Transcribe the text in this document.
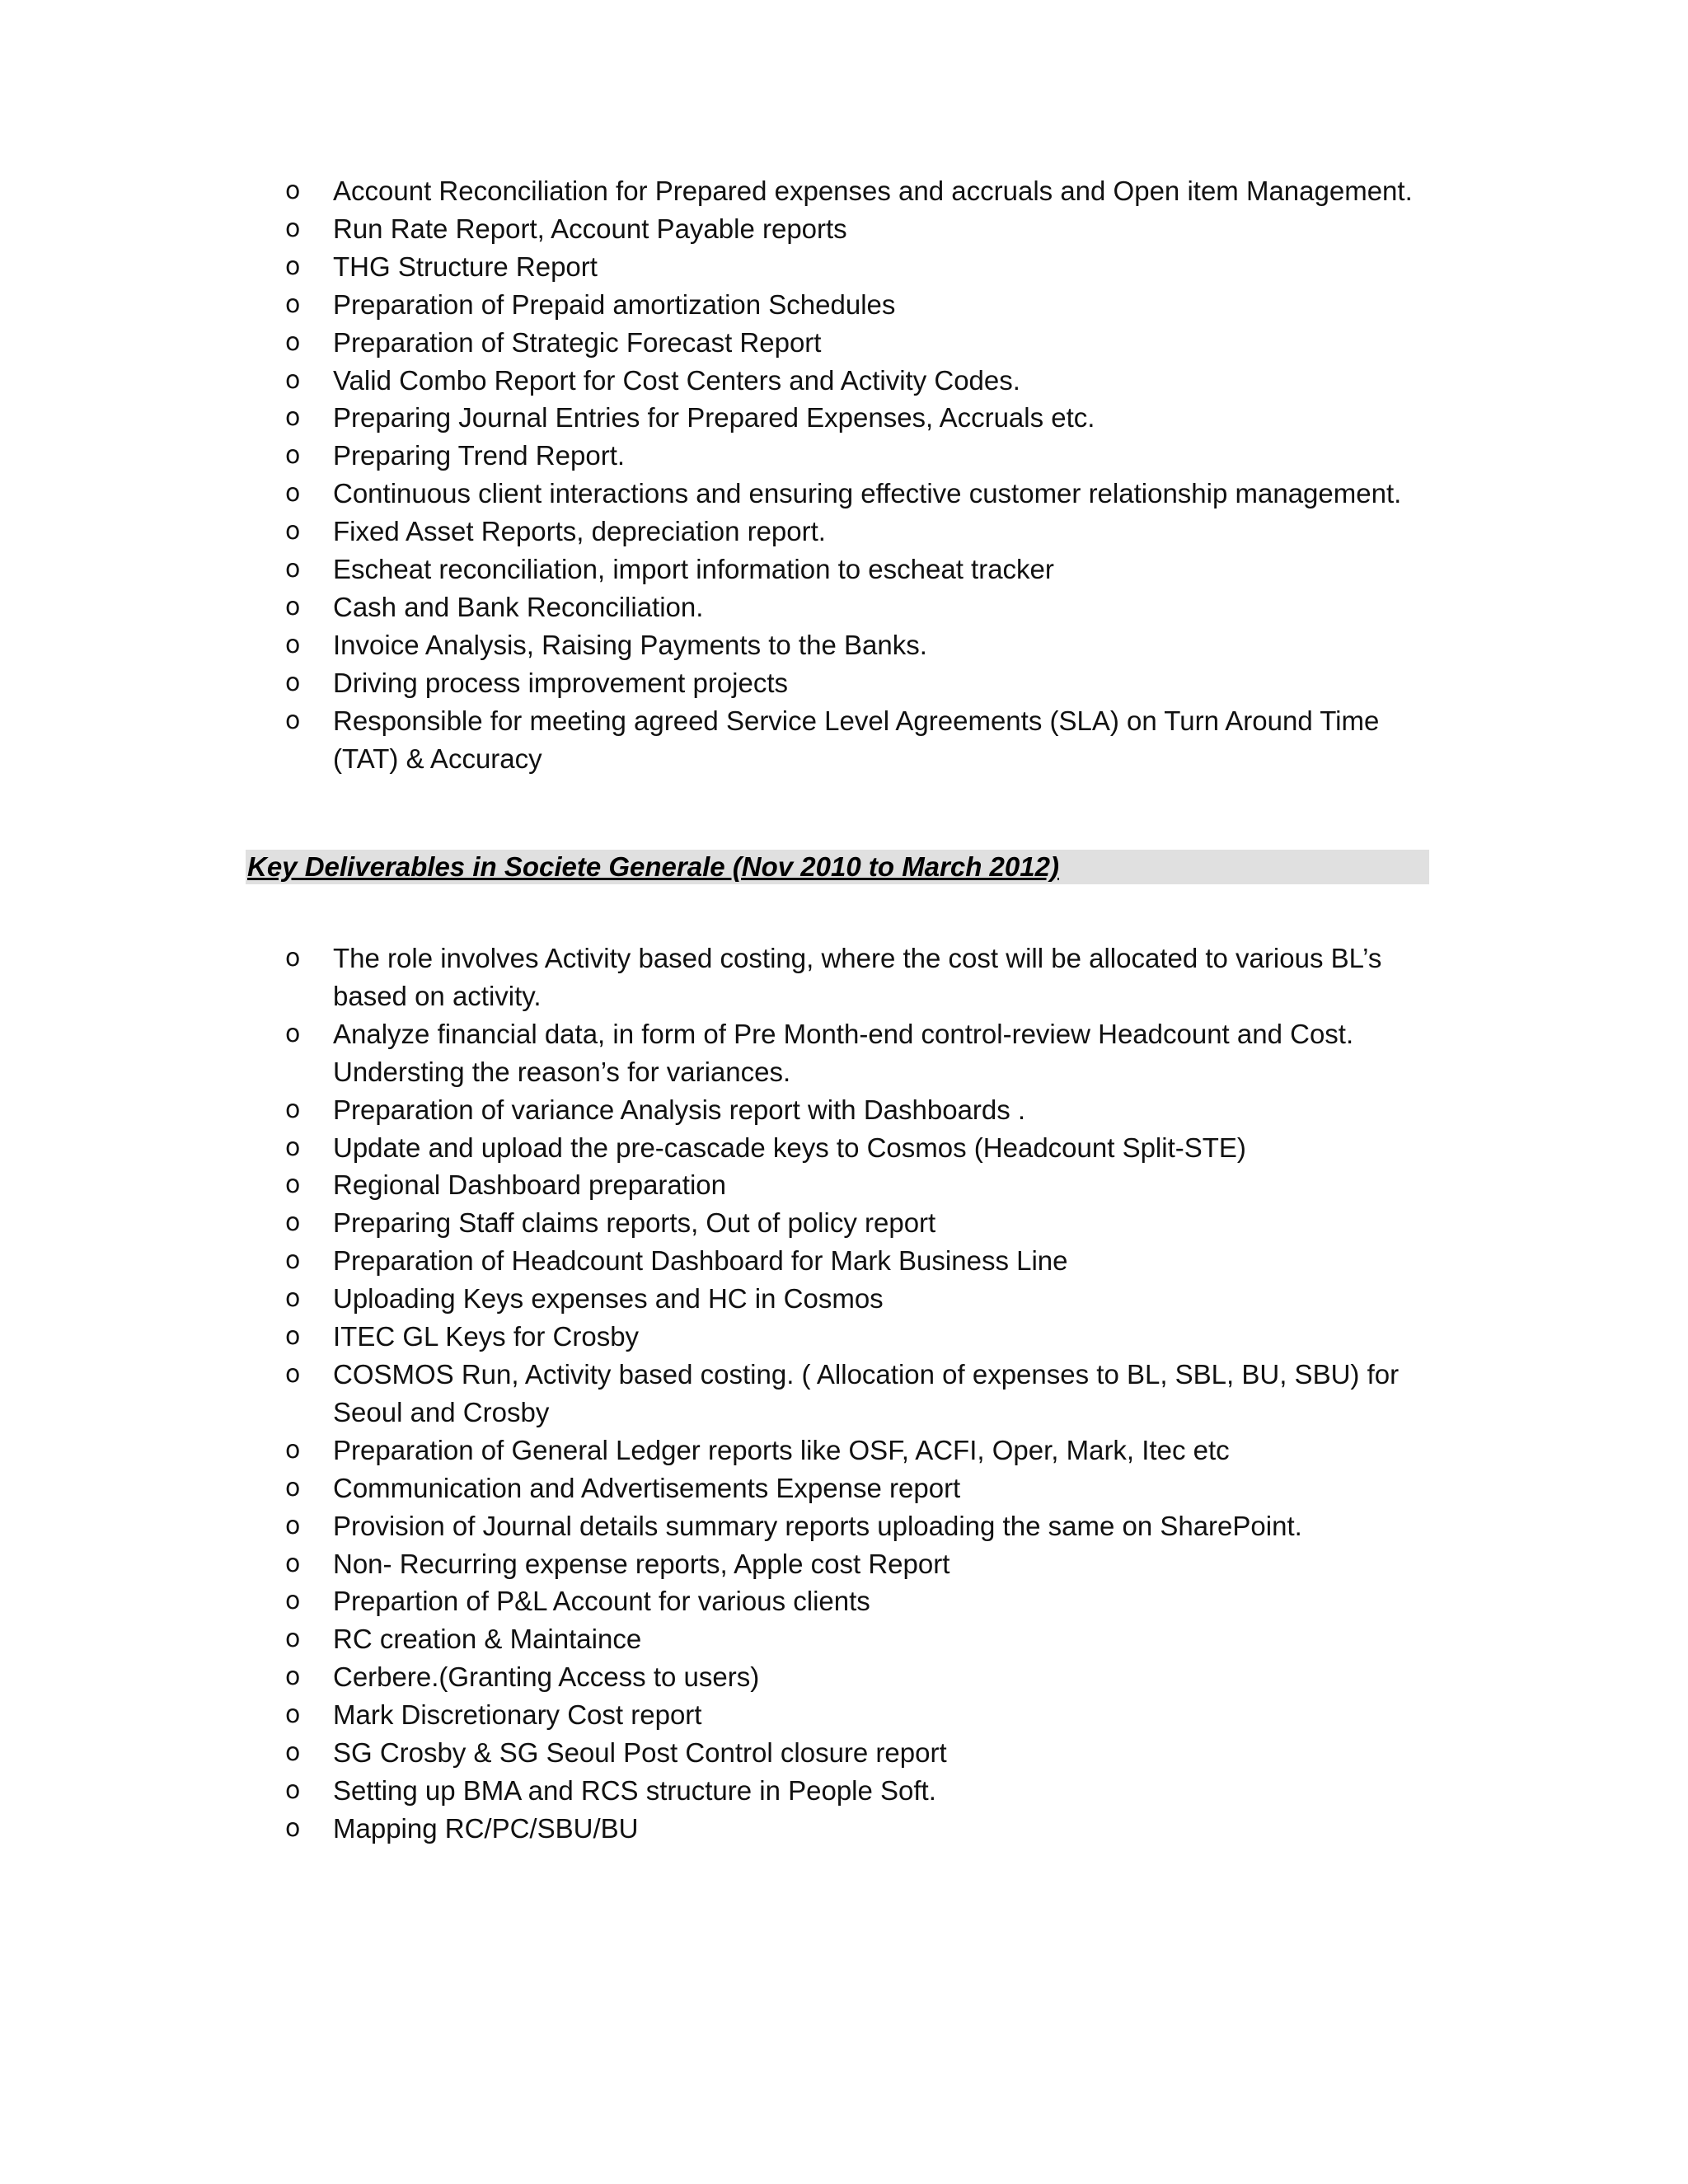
o Account Reconciliation for Prepared expenses and accruals and Open item Management.
o Run Rate Report, Account Payable reports
o THG Structure Report
o Preparation of Prepaid amortization Schedules
o Preparation of Strategic Forecast Report
o Valid Combo Report for Cost Centers and Activity Codes.
o Preparing Journal Entries for Prepared Expenses, Accruals etc.
o Preparing Trend Report.
o Continuous client interactions and ensuring effective customer relationship management.
o Fixed Asset Reports, depreciation report.
o Escheat reconciliation, import information to escheat tracker
o Cash and Bank Reconciliation.
o Invoice Analysis, Raising Payments to the Banks.
o Driving process improvement projects
o Responsible for meeting agreed Service Level Agreements (SLA) on Turn Around Time (TAT) & Accuracy
Key Deliverables in Societe Generale (Nov 2010 to March 2012)
o The role involves Activity based costing, where the cost will be allocated to various BL’s based on activity.
o Analyze financial data, in form of Pre Month-end control-review Headcount and Cost. Understing the reason’s for variances.
o Preparation of variance Analysis report with Dashboards .
o Update and upload the pre-cascade keys to Cosmos (Headcount Split-STE)
o Regional Dashboard preparation
o Preparing Staff claims reports, Out of policy report
o Preparation of Headcount Dashboard for Mark Business Line
o Uploading Keys expenses and HC in Cosmos
o ITEC GL Keys for Crosby
o COSMOS Run, Activity based costing. ( Allocation of expenses to BL, SBL, BU, SBU) for Seoul and Crosby
o Preparation of General Ledger reports like OSF, ACFI, Oper, Mark, Itec etc
o Communication and Advertisements Expense report
o Provision of Journal details summary reports uploading the same on SharePoint.
o Non- Recurring expense reports, Apple cost Report
o Prepartion of P&L Account for various clients
o RC creation & Maintaince
o Cerbere.(Granting Access to users)
o Mark Discretionary Cost report
o SG Crosby & SG Seoul Post Control closure report
o Setting up BMA and RCS structure in People Soft.
o Mapping RC/PC/SBU/BU
